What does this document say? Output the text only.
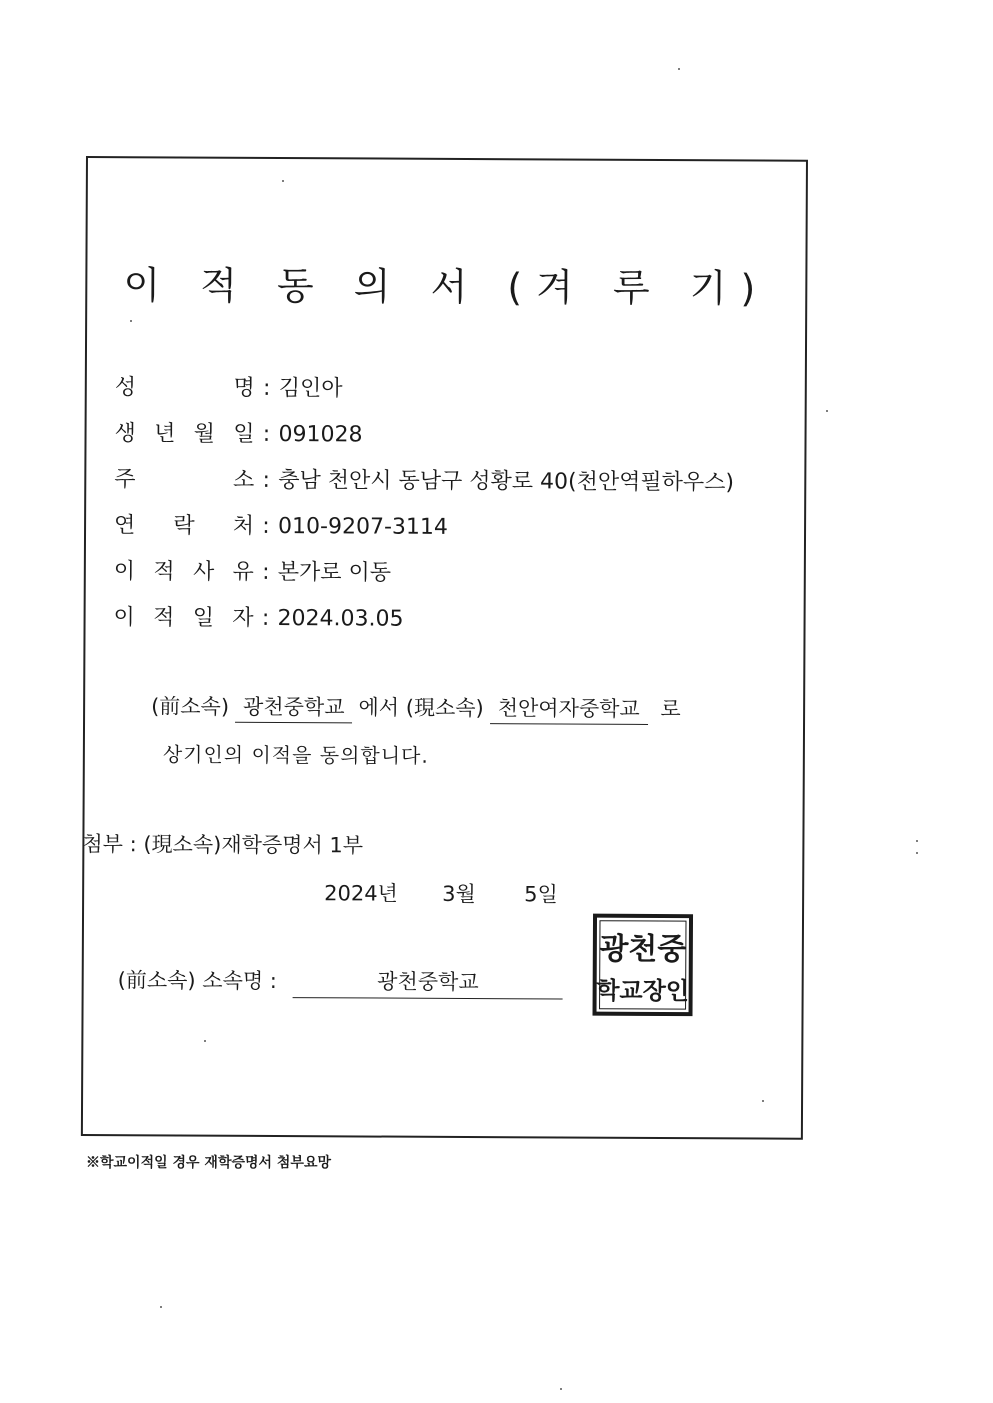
이 적 동 의 서 (겨 루 기)
성 명 : 김인아
생 년 월 일 : 091028
주 소 : 충남 천안시 동남구 성황로 40(천안역필하우스)
연 락 처 : 010-9207-3114
이 적 사 유 : 본가로 이동
이 적 일 자 : 2024.03.05
(前소속) 광천중학교 에서 (現소속) 천안여자중학교 로
상기인의 이적을 동의합니다.
첨부 : (現소속)재학증명서 1부
2024년 3월 5일
(前소속) 소속명 :	광천중학교
광천중
학교장인
※학교이적일 경우 재학증명서 첨부요망
